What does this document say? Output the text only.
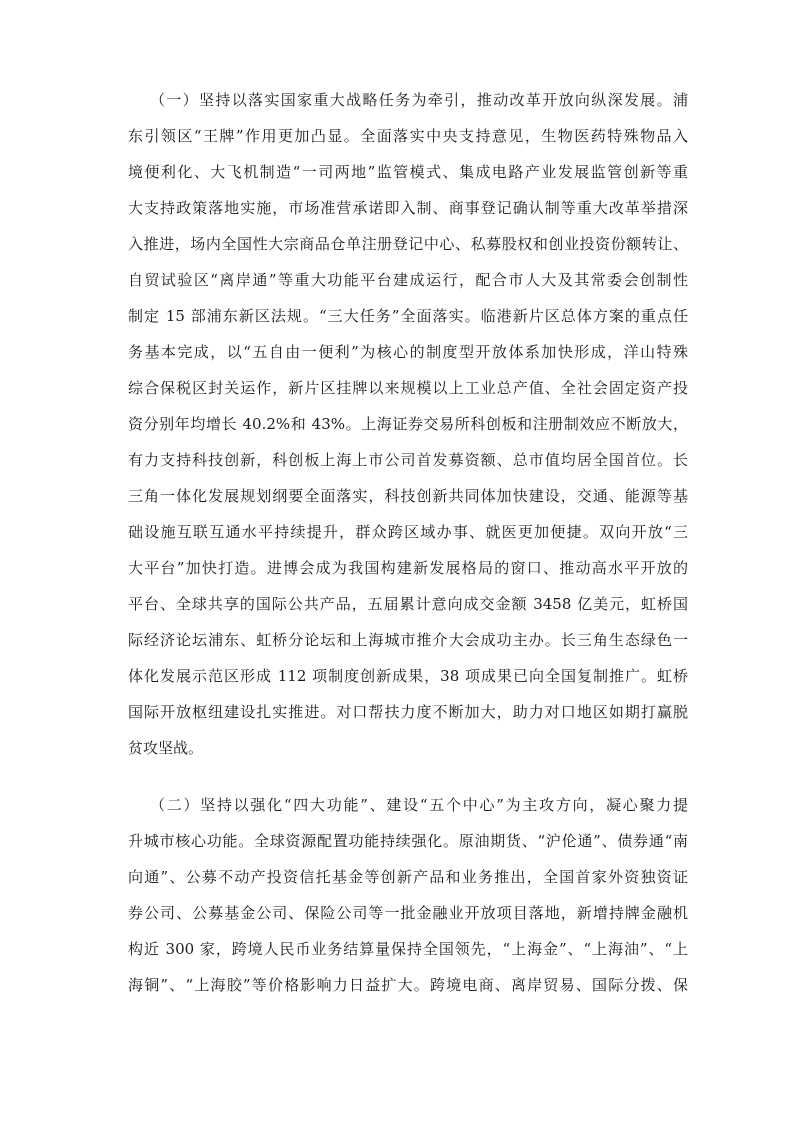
（一）坚持以落实国家重大战略任务为牵引，推动改革开放向纵深发展。浦

东引领区“王牌”作用更加凸显。全面落实中央支持意见，生物医药特殊物品入

境便利化、大飞机制造“一司两地”监管模式、集成电路产业发展监管创新等重

大支持政策落地实施，市场准营承诺即入制、商事登记确认制等重大改革举措深

入推进，场内全国性大宗商品仓单注册登记中心、私募股权和创业投资份额转让、

自贸试验区“离岸通”等重大功能平台建成运行，配合市人大及其常委会创制性

制定 15 部浦东新区法规。“三大任务”全面落实。临港新片区总体方案的重点任

务基本完成，以“五自由一便利”为核心的制度型开放体系加快形成，洋山特殊

综合保税区封关运作，新片区挂牌以来规模以上工业总产值、全社会固定资产投

资分别年均增长 40.2%和 43%。上海证券交易所科创板和注册制效应不断放大，

有力支持科技创新，科创板上海上市公司首发募资额、总市值均居全国首位。长

三角一体化发展规划纲要全面落实，科技创新共同体加快建设，交通、能源等基

础设施互联互通水平持续提升，群众跨区域办事、就医更加便捷。双向开放“三

大平台”加快打造。进博会成为我国构建新发展格局的窗口、推动高水平开放的

平台、全球共享的国际公共产品，五届累计意向成交金额 3458 亿美元，虹桥国

际经济论坛浦东、虹桥分论坛和上海城市推介大会成功主办。长三角生态绿色一

体化发展示范区形成 112 项制度创新成果，38 项成果已向全国复制推广。虹桥

国际开放枢纽建设扎实推进。对口帮扶力度不断加大，助力对口地区如期打赢脱

贫攻坚战。

（二）坚持以强化“四大功能”、建设“五个中心”为主攻方向，凝心聚力提

升城市核心功能。全球资源配置功能持续强化。原油期货、“沪伦通”、债券通“南

向通”、公募不动产投资信托基金等创新产品和业务推出，全国首家外资独资证

券公司、公募基金公司、保险公司等一批金融业开放项目落地，新增持牌金融机

构近 300 家，跨境人民币业务结算量保持全国领先，“上海金”、“上海油”、“上

海铜”、“上海胶”等价格影响力日益扩大。跨境电商、离岸贸易、国际分拨、保
